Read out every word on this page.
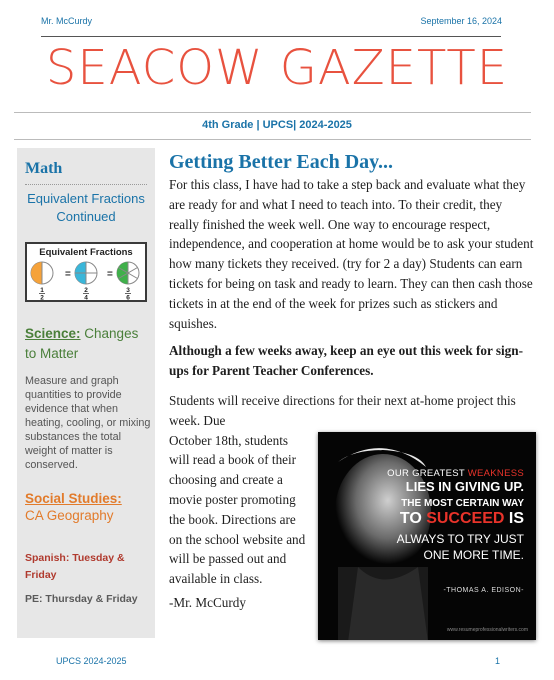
Mr. McCurdy	September 16, 2024
SEACOW GAZETTE
4th Grade | UPCS| 2024-2025
Math
Equivalent Fractions
Continued
Equivalent Fractions
=	=
1
2
2
4
3
6
Science: Changes to Matter
Measure and graph quantities to provide evidence that when heating, cooling, or mixing substances the total weight of matter is conserved.
Social Studies:
CA Geography
Spanish: Tuesday & Friday
PE: Thursday & Friday
Getting Better Each Day...
For this class, I have had to take a step back and evaluate what they are ready for and what I need to teach into. To their credit, they really finished the week well. One way to encourage respect, independence, and cooperation at home would be to ask your student how many tickets they received. (try for 2 a day) Students can earn tickets for being on task and ready to learn. They can then cash those tickets in at the end of the week for prizes such as stickers and squishes.
Although a few weeks away, keep an eye out this week for sign-ups for Parent Teacher Conferences.
Students will receive directions for their next at-home project this week. Due
October 18th, students will read a book of their choosing and create a movie poster promoting the book. Directions are on the school website and will be passed out and available in class.
-Mr. McCurdy
OUR GREATEST WEAKNESS
LIES IN GIVING UP.
THE MOST CERTAIN WAY
TO SUCCEED IS
ALWAYS TO TRY JUST
ONE MORE TIME.
-THOMAS A. EDISON-
www.resumeprofessionalwriters.com
UPCS 2024-2025	1
